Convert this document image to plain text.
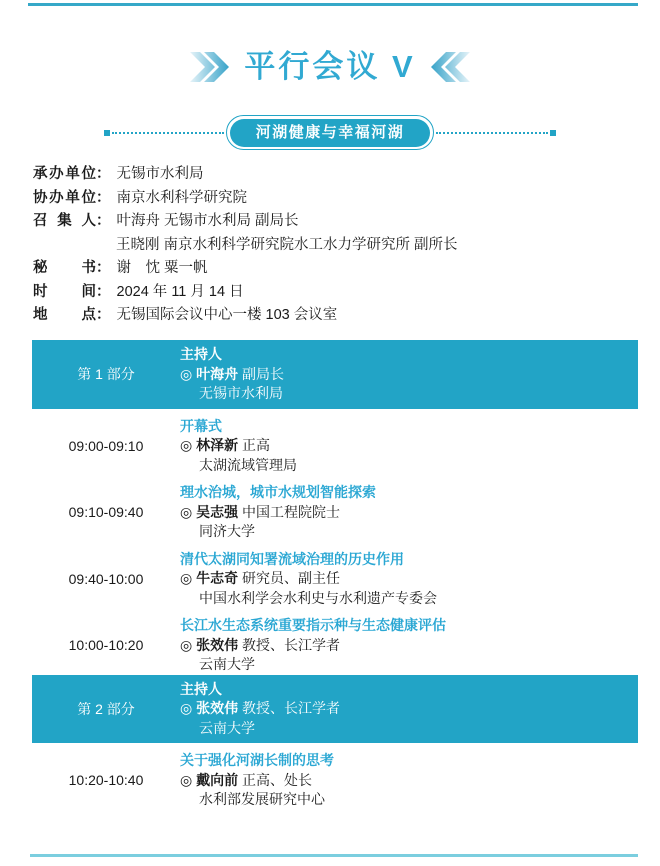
平行会议 V
河湖健康与幸福河湖
承办单位： 无锡市水利局
协办单位： 南京水利科学研究院
召集人： 叶海舟 无锡市水利局 副局长
王晓刚 南京水利科学研究院水工水力学研究所 副所长
秘书： 谢　忱 粟一帆
时间： 2024 年 11 月 14 日
地点： 无锡国际会议中心一楼 103 会议室
第 1 部分
主持人
◎ 叶海舟 副局长
无锡市水利局
09:00-09:10
开幕式
◎ 林泽新 正高
太湖流域管理局
09:10-09:40
理水治城，城市水规划智能探索
◎ 吴志强 中国工程院院士
同济大学
09:40-10:00
清代太湖同知署流域治理的历史作用
◎ 牛志奇 研究员、副主任
中国水利学会水利史与水利遗产专委会
10:00-10:20
长江水生态系统重要指示种与生态健康评估
◎ 张效伟 教授、长江学者
云南大学
第 2 部分
主持人
◎ 张效伟 教授、长江学者
云南大学
10:20-10:40
关于强化河湖长制的思考
◎ 戴向前 正高、处长
水利部发展研究中心
